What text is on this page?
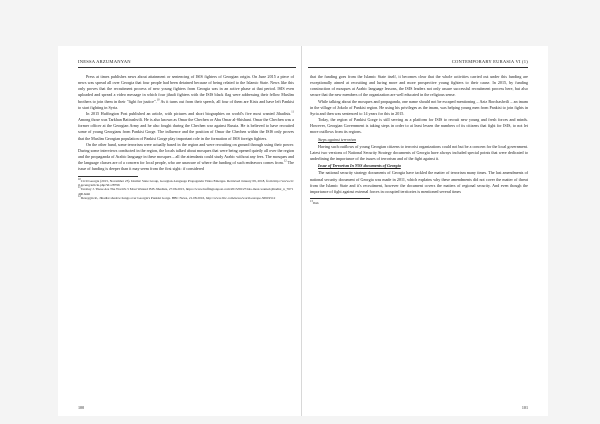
INESSA ARZUMANYAN

Press at times publishes news about attainment or sentencing of ISIS fighters of Georgian origin. On June 2015 a piece of news was spread all over Georgia that four people had been detained because of being related to the Islamic State. News like this only proves that the recruitment process of new young fighters from Georgia was in an active phase at that period. ISIS even uploaded and spread a video message in which four jihadi fighters with the ISIS black flag were addressing their fellow Muslim brothers to join them in their "fight for justice".$^{10}$ As it turns out from their speech, all four of them are Kists and have left Pankisi to start fighting in Syria.

In 2015 Huffington Post published an article, with pictures and short biographies on world's five most wanted Jihadists.$^{11}$ Among those was Tarkhan Batirashvili. He is also known as Omar the Chechen or Abu Omar al-Shishani. Omar the Chechen was a former officer at the Georgian Army and he also fought during the Chechen war against Russia. He is believed to have recruited some of young Georgians from Pankisi Gorge. The influence and the position of Omar the Chechen within the ISIS only proves that the Muslim Georgian population of Pankisi Gorge play important role in the formation of ISIS foreign fighters.

On the other hand, some terrorism were actually based in the region and were recruiting on ground through using their power. During some interviews conducted in the region, the locals talked about mosques that were being opened quietly all over the region and the propaganda of Arabic language in these mosques – all the attendants could study Arabic without any fees. The mosques and the language classes are of a concern for local people, who are unaware of where the funding of such endeavors comes from.$^{12}$ The issue of funding is deeper than it may seem from the first sight: if considered

$^{10}$Civil Georgia (2015, November 23). Islamic State Group, Georgian-Language Propaganda Video Emerges. Retrieved January 09, 2018, from http://www.civil.ge/eng/article.php?id=28796
$^{11}$Tarabay J. These Are The World's 5 Most Wanted ISIS Jihadists, 27.06.2015, https://www.huffingtonpost.com/2015/06/27/isis-most-wanted-jihadist_n_7671400.html
$^{12}$Dzesygin R., Jihadist shadow hangs over Georgia's Pankisi Gorge. BBC News, 21.08.2016, http://www.bbc.com/news/world-europe-36919512
100
CONTEMPORARY EURASIA VI (1)

that the funding goes from the Islamic State itself, it becomes clear that the whole activities carried out under this funding are exceptionally aimed at recruiting and luring more and more prospective young fighters to their cause. In 2015, by funding construction of mosques at Arabic language lessons, the ISIS leaders not only assure successful recruitment process here, but also secure that the new members of the organization are well educated in the religious sense.

While talking about the mosques and propaganda, one name should not be escaped mentioning – Aziz Borchashvili – an imam in the village of Jokolo of Pankisi region. He using his privileges as the imam, was helping young men from Pankisi to join fights in Syria and then was sentenced to 14 years for this in 2015.

Today, the region of Pankisi Gorge is still serving as a platform for ISIS to recruit new young and fresh forces and minds. However, Georgian Government is taking steps in order to at least lessen the numbers of its citizens that fight for ISIS, to not let more outflows from its regions.

Steps against terrorism

Having such outflows of young Georgian citizens to terrorist organizations could not but be a concern for the local government. Latest two versions of National Security Strategy documents of Georgia have always included special points that were dedicated to underlining the importance of the issues of terrorism and of the fight against it.

Issue of Terrorism In NSS documents of Georgia

The national security strategy documents of Georgia have tackled the matter of terrorism many times. The last amendments of national security document of Georgia was made in 2011, which explains why these amendments did not cover the matter of threat from the Islamic State and it's recruitment, however the document covers the matters of regional security. And even though the importance of fight against external forces in occupied territories is mentioned several times

$^{13}$Ibid.
101
